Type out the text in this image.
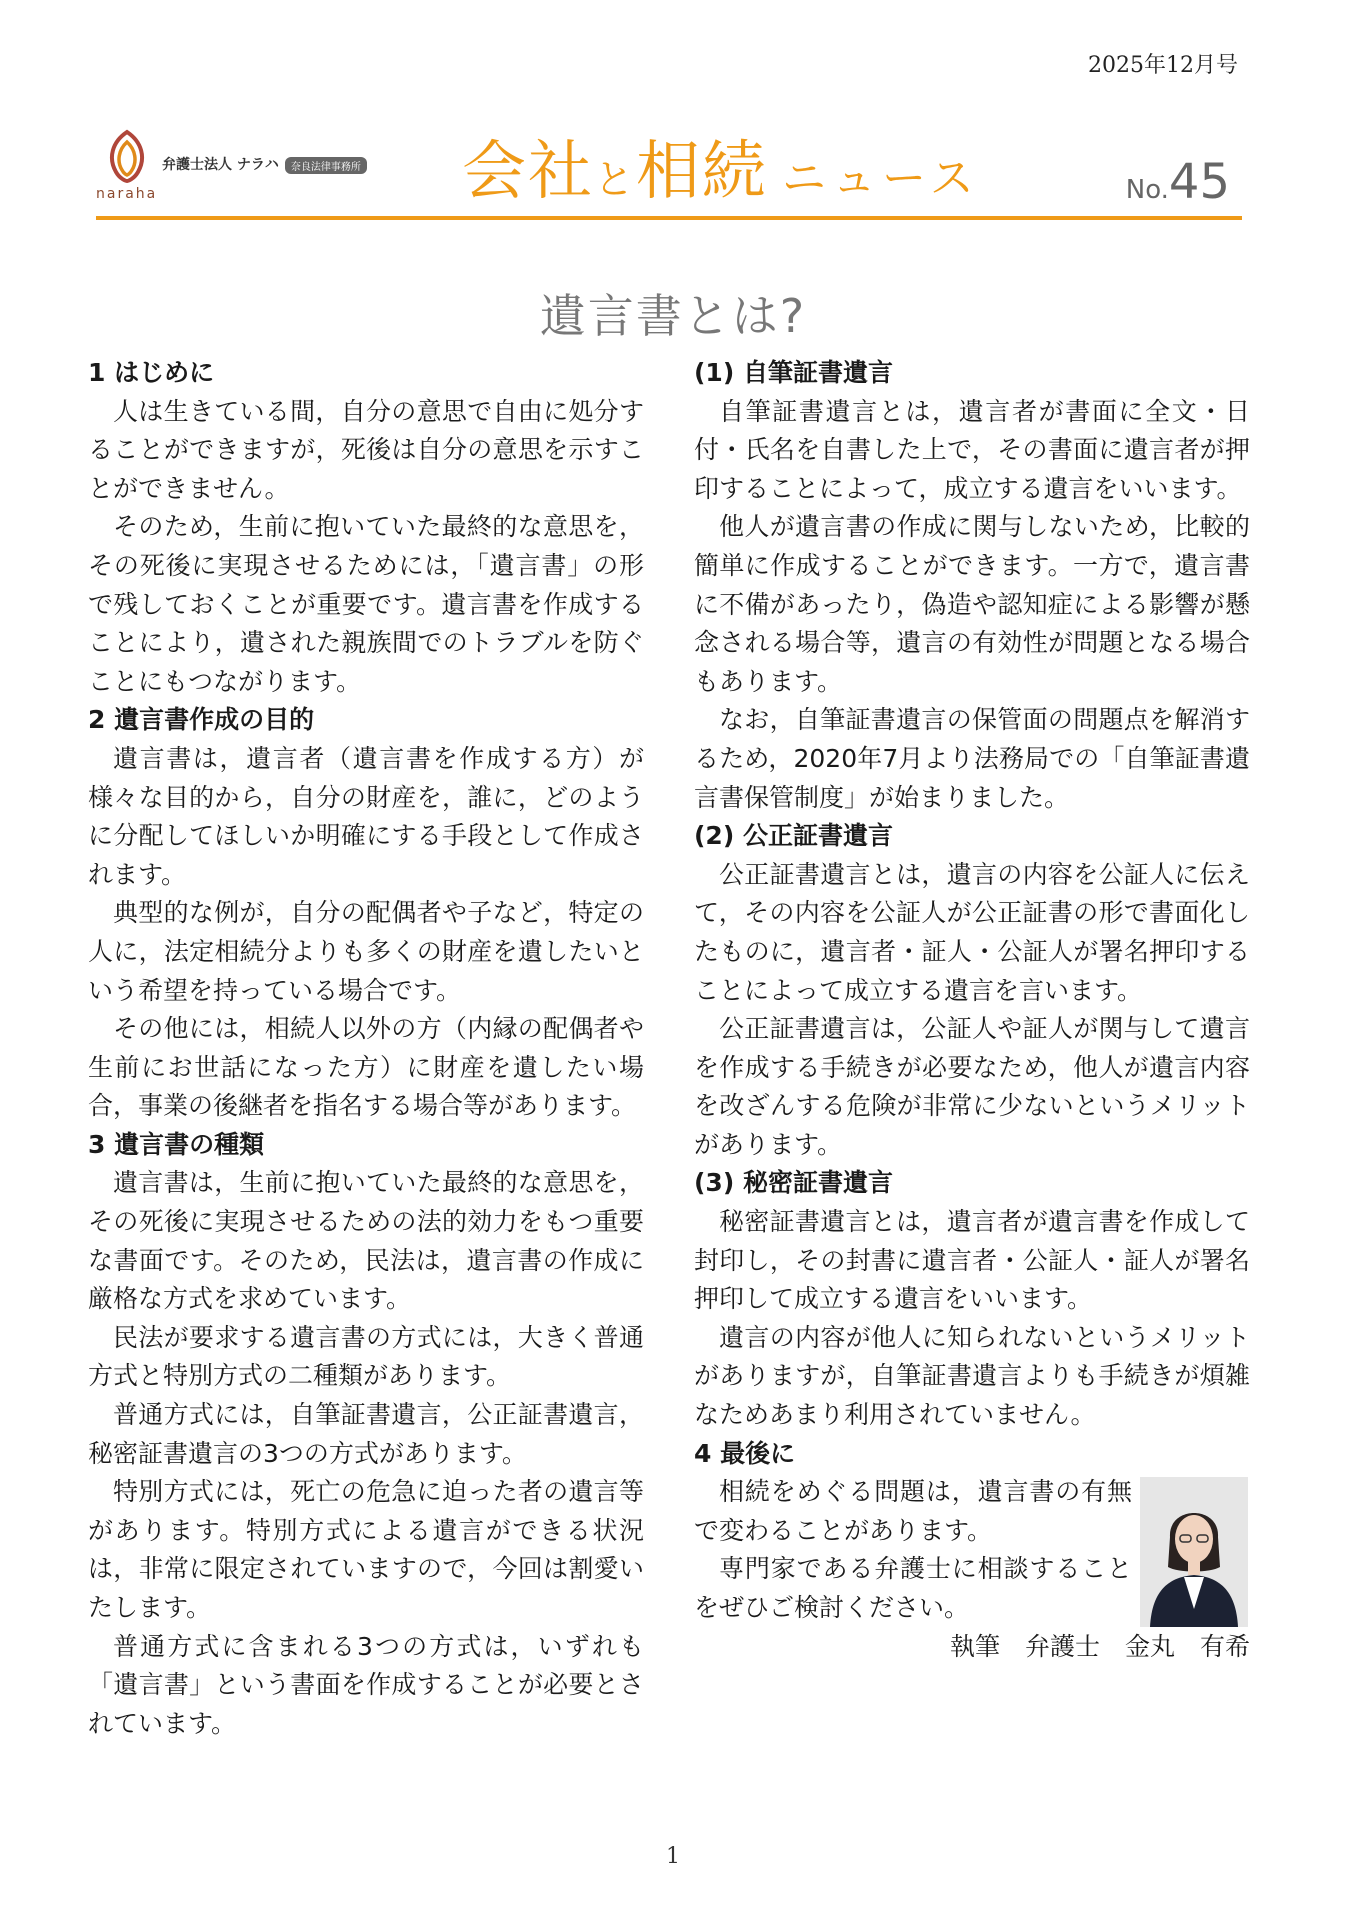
2025年12月号
naraha
弁護士法人 ナラハ 奈良法律事務所 会社と相続 ニュース	No.45
遺言書とは?

1 はじめに

人は生きている間，自分の意思で自由に処分することができますが，死後は自分の意思を示すことができません。

そのため，生前に抱いていた最終的な意思を，その死後に実現させるためには，「遺言書」の形で残しておくことが重要です。遺言書を作成することにより，遺された親族間でのトラブルを防ぐことにもつながります。

2 遺言書作成の目的

遺言書は，遺言者（遺言書を作成する方）が様々な目的から，自分の財産を，誰に，どのように分配してほしいか明確にする手段として作成されます。

典型的な例が，自分の配偶者や子など，特定の人に，法定相続分よりも多くの財産を遺したいという希望を持っている場合です。

その他には，相続人以外の方（内縁の配偶者や生前にお世話になった方）に財産を遺したい場合，事業の後継者を指名する場合等があります。

3 遺言書の種類

遺言書は，生前に抱いていた最終的な意思を，その死後に実現させるための法的効力をもつ重要な書面です。そのため，民法は，遺言書の作成に厳格な方式を求めています。

民法が要求する遺言書の方式には，大きく普通方式と特別方式の二種類があります。

普通方式には，自筆証書遺言，公正証書遺言，秘密証書遺言の3つの方式があります。

特別方式には，死亡の危急に迫った者の遺言等があります。特別方式による遺言ができる状況は，非常に限定されていますので，今回は割愛いたします。

普通方式に含まれる3つの方式は，いずれも「遺言書」という書面を作成することが必要とされています。

(1) 自筆証書遺言

自筆証書遺言とは，遺言者が書面に全文・日付・氏名を自書した上で，その書面に遺言者が押印することによって，成立する遺言をいいます。

他人が遺言書の作成に関与しないため，比較的簡単に作成することができます。一方で，遺言書に不備があったり，偽造や認知症による影響が懸念される場合等，遺言の有効性が問題となる場合もあります。

なお，自筆証書遺言の保管面の問題点を解消するため，2020年7月より法務局での「自筆証書遺言書保管制度」が始まりました。

(2) 公正証書遺言

公正証書遺言とは，遺言の内容を公証人に伝えて，その内容を公証人が公正証書の形で書面化したものに，遺言者・証人・公証人が署名押印することによって成立する遺言を言います。

公正証書遺言は，公証人や証人が関与して遺言を作成する手続きが必要なため，他人が遺言内容を改ざんする危険が非常に少ないというメリットがあります。

(3) 秘密証書遺言

秘密証書遺言とは，遺言者が遺言書を作成して封印し，その封書に遺言者・公証人・証人が署名押印して成立する遺言をいいます。

遺言の内容が他人に知られないというメリットがありますが，自筆証書遺言よりも手続きが煩雑なためあまり利用されていません。

4 最後に

相続をめぐる問題は，遺言書の有無で変わることがあります。

専門家である弁護士に相談することをぜひご検討ください。

執筆　弁護士　金丸　有希

1
